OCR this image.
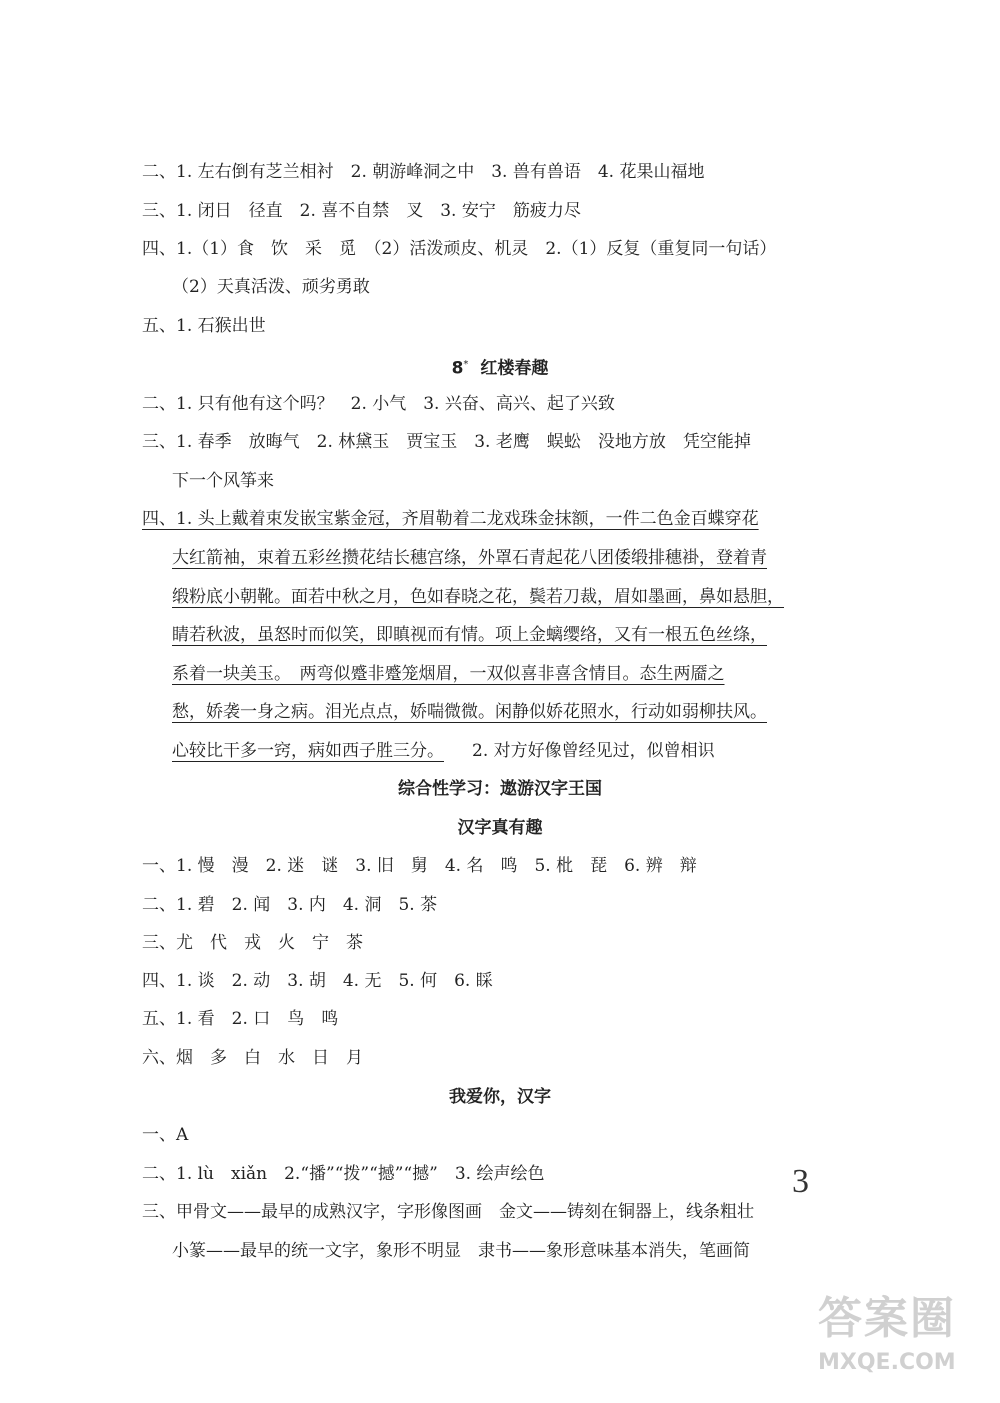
二、1. 左右倒有芝兰相衬　2. 朝游峰洞之中　3. 兽有兽语　4. 花果山福地
三、1. 闭日　径直　2. 喜不自禁　叉　3. 安宁　筋疲力尽
四、1.（1）食　饮　采　觅　（2）活泼顽皮、机灵　2.（1）反复（重复同一句话）
（2）天真活泼、顽劣勇敢
五、1. 石猴出世
8* 红楼春趣
二、1. 只有他有这个吗？　2. 小气　3. 兴奋、高兴、起了兴致
三、1. 春季　放晦气　2. 林黛玉　贾宝玉　3. 老鹰　蜈蚣　没地方放　凭空能掉
下一个风筝来
四、1. 头上戴着束发嵌宝紫金冠，齐眉勒着二龙戏珠金抹额，一件二色金百蝶穿花
大红箭袖，束着五彩丝攒花结长穗宫绦，外罩石青起花八团倭缎排穗褂，登着青
缎粉底小朝靴。面若中秋之月，色如春晓之花，鬓若刀裁，眉如墨画，鼻如悬胆，
睛若秋波，虽怒时而似笑，即瞋视而有情。项上金螭缨络，又有一根五色丝绦，
系着一块美玉。　两弯似蹙非蹙笼烟眉，一双似喜非喜含情目。态生两靥之
愁，娇袭一身之病。泪光点点，娇喘微微。闲静似娇花照水，行动如弱柳扶风。
心较比干多一窍，病如西子胜三分。 2. 对方好像曾经见过，似曾相识
综合性学习：遨游汉字王国
汉字真有趣
一、1. 慢　漫　2. 迷　谜　3. 旧　舅　4. 名　鸣　5. 枇　琵　6. 辨　辩
二、1. 碧　2. 闻　3. 内　4. 洞　5. 茶
三、尤　代　戎　火　宁　茶
四、1. 谈　2. 动　3. 胡　4. 无　5. 何　6. 睬
五、1. 看　2. 口　鸟　鸣
六、烟　多　白　水　日　月
我爱你，汉字
一、A
二、1. lù　xiǎn　2.“播”“拨”“撼”“撼”　3. 绘声绘色
三、甲骨文——最早的成熟汉字，字形像图画　金文——铸刻在铜器上，线条粗壮
小篆——最早的统一文字，象形不明显　隶书——象形意味基本消失，笔画简
3
答案圈
MXQE.COM
